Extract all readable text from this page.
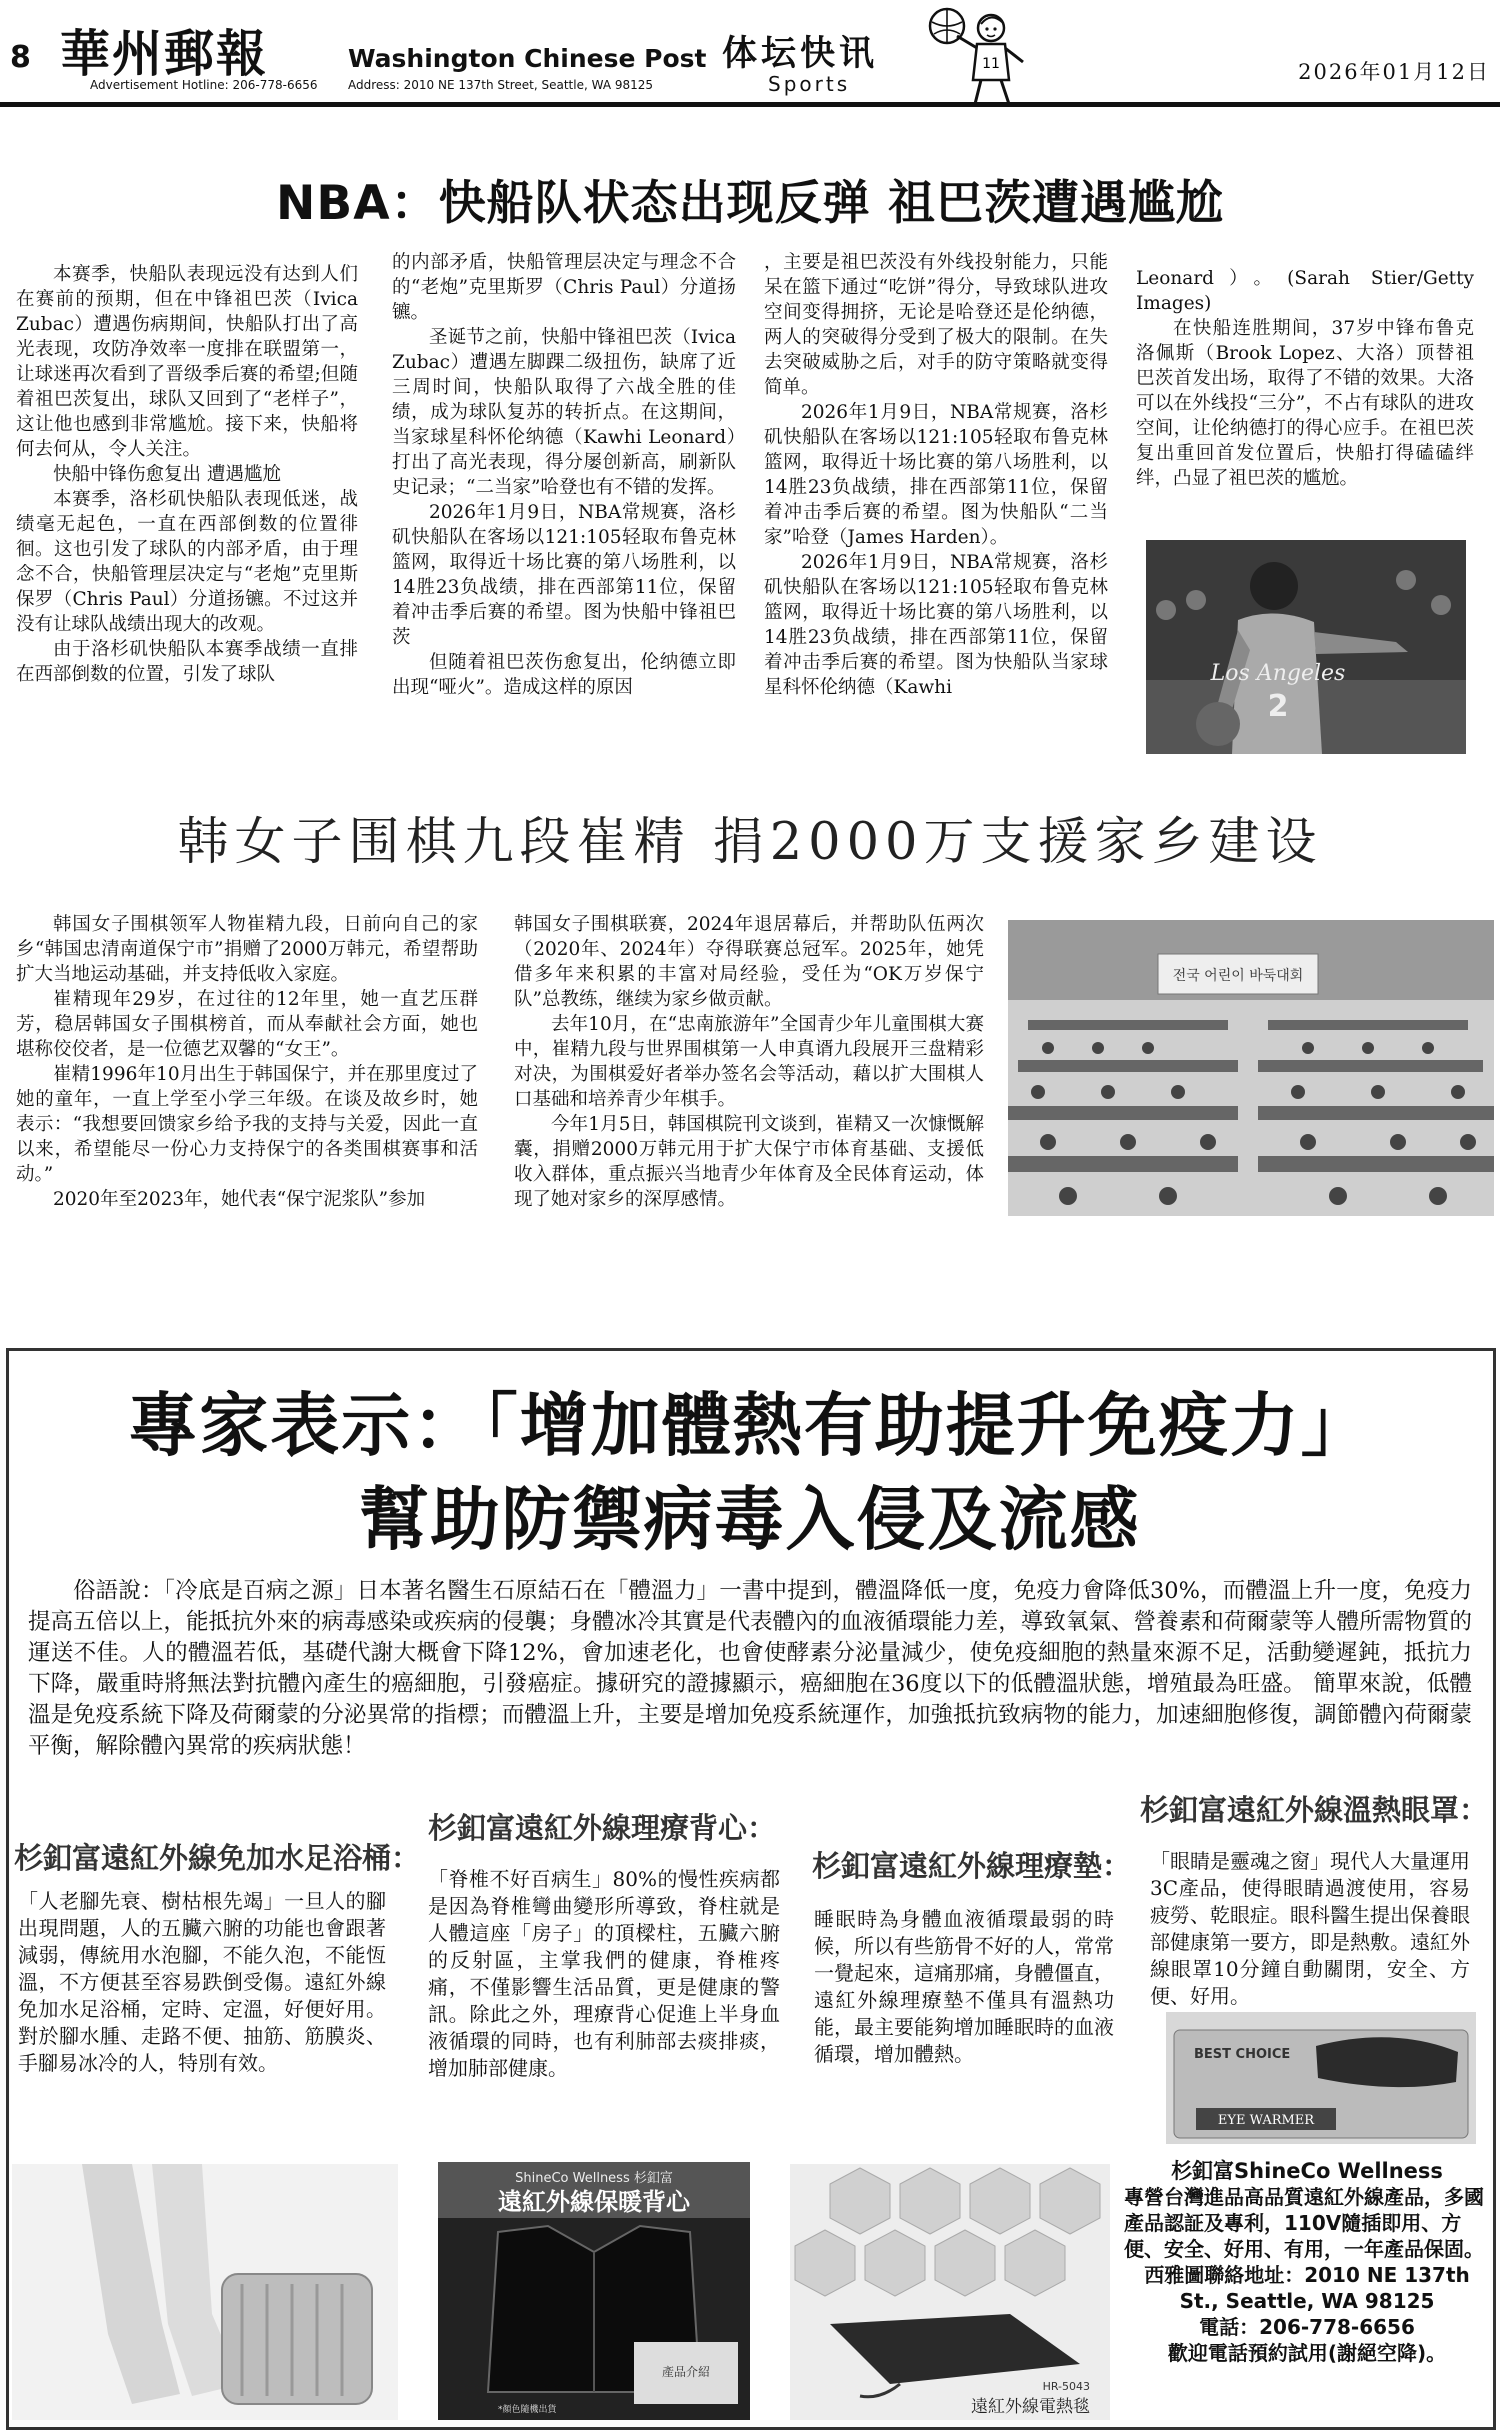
8 華州郵報
Advertisement Hotline: 206-778-6656
Washington Chinese Post
Address: 2010 NE 137th Street, Seattle, WA 98125
体坛快讯
Sports
11	2026年01月12日
NBA：快船队状态出现反弹 祖巴茨遭遇尴尬

本赛季，快船队表现远没有达到人们在赛前的预期，但在中锋祖巴茨（Ivica Zubac）遭遇伤病期间，快船队打出了高光表现，攻防净效率一度排在联盟第一，让球迷再次看到了晋级季后赛的希望;但随着祖巴茨复出，球队又回到了“老样子”，这让他也感到非常尴尬。接下来，快船将何去何从，令人关注。

快船中锋伤愈复出 遭遇尴尬

本赛季，洛杉矶快船队表现低迷，战绩毫无起色，一直在西部倒数的位置徘徊。这也引发了球队的内部矛盾，由于理念不合，快船管理层决定与“老炮”克里斯保罗（Chris Paul）分道扬镳。不过这并没有让球队战绩出现大的改观。

由于洛杉矶快船队本赛季战绩一直排在西部倒数的位置，引发了球队

的内部矛盾，快船管理层决定与理念不合的“老炮”克里斯罗（Chris Paul）分道扬镳。

圣诞节之前，快船中锋祖巴茨（Ivica Zubac）遭遇左脚踝二级扭伤，缺席了近三周时间，快船队取得了六战全胜的佳绩，成为球队复苏的转折点。在这期间，当家球星科怀伦纳德（Kawhi Leonard）打出了高光表现，得分屡创新高，刷新队史记录；“二当家”哈登也有不错的发挥。

2026年1月9日，NBA常规赛，洛杉矶快船队在客场以121:105轻取布鲁克林篮网，取得近十场比赛的第八场胜利，以14胜23负战绩，排在西部第11位，保留着冲击季后赛的希望。图为快船中锋祖巴茨

但随着祖巴茨伤愈复出，伦纳德立即出现“哑火”。造成这样的原因

，主要是祖巴茨没有外线投射能力，只能呆在篮下通过“吃饼”得分，导致球队进攻空间变得拥挤，无论是哈登还是伦纳德，两人的突破得分受到了极大的限制。在失去突破威胁之后，对手的防守策略就变得简单。

2026年1月9日，NBA常规赛，洛杉矶快船队在客场以121:105轻取布鲁克林篮网，取得近十场比赛的第八场胜利，以14胜23负战绩，排在西部第11位，保留着冲击季后赛的希望。图为快船队“二当家”哈登（James Harden）。

2026年1月9日，NBA常规赛，洛杉矶快船队在客场以121:105轻取布鲁克林篮网，取得近十场比赛的第八场胜利，以14胜23负战绩，排在西部第11位，保留着冲击季后赛的希望。图为快船队当家球星科怀伦纳德（Kawhi

Leonard）。(Sarah Stier/Getty Images)

在快船连胜期间，37岁中锋布鲁克洛佩斯（Brook Lopez、大洛）顶替祖巴茨首发出场，取得了不错的效果。大洛可以在外线投“三分”，不占有球队的进攻空间，让伦纳德打的得心应手。在祖巴茨复出重回首发位置后，快船打得磕磕绊绊，凸显了祖巴茨的尴尬。

Los Angeles
2
韩女子围棋九段崔精 捐2000万支援家乡建设

韩国女子围棋领军人物崔精九段，日前向自己的家乡“韩国忠清南道保宁市”捐赠了2000万韩元，希望帮助扩大当地运动基础，并支持低收入家庭。

崔精现年29岁，在过往的12年里，她一直艺压群芳，稳居韩国女子围棋榜首，而从奉献社会方面，她也堪称佼佼者，是一位德艺双馨的“女王”。

崔精1996年10月出生于韩国保宁，并在那里度过了她的童年，一直上学至小学三年级。在谈及故乡时，她表示：“我想要回馈家乡给予我的支持与关爱，因此一直以来，希望能尽一份心力支持保宁的各类围棋赛事和活动。”

2020年至2023年，她代表“保宁泥浆队”参加

韩国女子围棋联赛，2024年退居幕后，并帮助队伍两次（2020年、2024年）夺得联赛总冠军。2025年，她凭借多年来积累的丰富对局经验，受任为“OK万岁保宁队”总教练，继续为家乡做贡献。

去年10月，在“忠南旅游年”全国青少年儿童围棋大赛中，崔精九段与世界围棋第一人申真谞九段展开三盘精彩对决，为围棋爱好者举办签名会等活动，藉以扩大围棋人口基础和培养青少年棋手。

今年1月5日，韩国棋院刊文谈到，崔精又一次慷慨解囊，捐赠2000万韩元用于扩大保宁市体育基础、支援低收入群体，重点振兴当地青少年体育及全民体育运动，体现了她对家乡的深厚感情。

전국 어린이 바둑대회
專家表示：「增加體熱有助提升免疫力」
幫助防禦病毒入侵及流感
俗語說：「冷底是百病之源」日本著名醫生石原結石在「體溫力」一書中提到，體溫降低一度，免疫力會降低30%，而體溫上升一度，免疫力提高五倍以上，能抵抗外來的病毒感染或疾病的侵襲；身體冰冷其實是代表體內的血液循環能力差，導致氧氣、營養素和荷爾蒙等人體所需物質的運送不佳。人的體溫若低，基礎代謝大概會下降12%，會加速老化，也會使酵素分泌量減少，使免疫細胞的熱量來源不足，活動變遲鈍，抵抗力下降，嚴重時將無法對抗體內產生的癌細胞，引發癌症。據研究的證據顯示，癌細胞在36度以下的低體溫狀態，增殖最為旺盛。 簡單來說，低體溫是免疫系統下降及荷爾蒙的分泌異常的指標；而體溫上升，主要是增加免疫系統運作，加強抵抗致病物的能力，加速細胞修復，調節體內荷爾蒙平衡，解除體內異常的疾病狀態！
杉釦富遠紅外線免加水足浴桶：
「人老腳先衰、樹枯根先竭」一旦人的腳出現問題，人的五臟六腑的功能也會跟著減弱，傳統用水泡腳，不能久泡，不能恆溫，不方便甚至容易跌倒受傷。遠紅外線免加水足浴桶，定時、定溫，好便好用。對於腳水腫、走路不便、抽筋、筋膜炎、手腳易冰冷的人，特別有效。
杉釦富遠紅外線理療背心：
「脊椎不好百病生」80%的慢性疾病都是因為脊椎彎曲變形所導致，脊柱就是人體這座「房子」的頂樑柱，五臟六腑的反射區，主掌我們的健康，脊椎疼痛，不僅影響生活品質，更是健康的警訊。除此之外，理療背心促進上半身血液循環的同時，也有利肺部去痰排痰，增加肺部健康。
杉釦富遠紅外線理療墊：
睡眠時為身體血液循環最弱的時候，所以有些筋骨不好的人，常常一覺起來，這痛那痛，身體僵直，遠紅外線理療墊不僅具有溫熱功能，最主要能夠增加睡眠時的血液循環，增加體熱。
杉釦富遠紅外線溫熱眼罩：
「眼睛是靈魂之窗」現代人大量運用3C產品，使得眼睛過渡使用，容易疲勞、乾眼症。眼科醫生提出保養眼部健康第一要方，即是熱敷。遠紅外線眼罩10分鐘自動關閉，安全、方便、好用。
ShineCo Wellness 杉釦富
遠紅外線保暖背心
產品介紹
*顏色隨機出貨
HR-5043
遠紅外線電熱毯
BEST CHOICE
EYE WARMER
杉釦富ShineCo Wellness
專營台灣進品高品質遠紅外線產品，多國產品認証及專利，110V隨插即用、方便、安全、好用、有用，一年產品保固。
西雅圖聯絡地址：2010 NE 137th St., Seattle, WA 98125
電話：206-778-6656
歡迎電話預約試用(謝絕空降)。
